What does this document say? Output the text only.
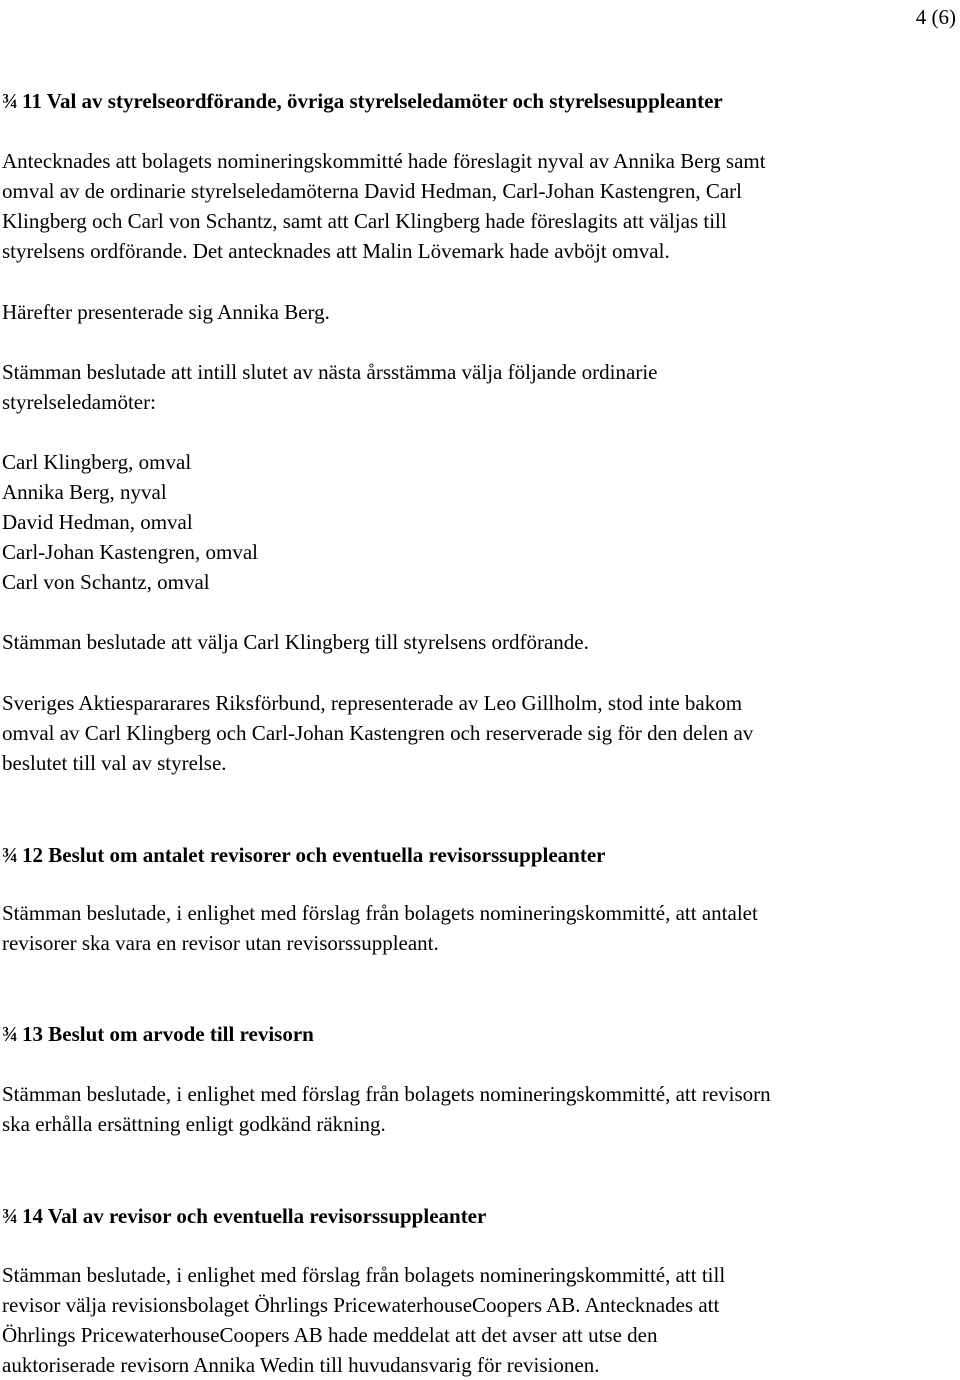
4 (6)
¾ 11 Val av styrelseordförande, övriga styrelseledamöter och styrelsesuppleanter
Antecknades att bolagets nomineringskommitté hade föreslagit nyval av Annika Berg samt
omval av de ordinarie styrelseledamöterna David Hedman, Carl-Johan Kastengren, Carl
Klingberg och Carl von Schantz, samt att Carl Klingberg hade föreslagits att väljas till
styrelsens ordförande. Det antecknades att Malin Lövemark hade avböjt omval.
Härefter presenterade sig Annika Berg.
Stämman beslutade att intill slutet av nästa årsstämma välja följande ordinarie
styrelseledamöter:
Carl Klingberg, omval
Annika Berg, nyval
David Hedman, omval
Carl-Johan Kastengren, omval
Carl von Schantz, omval
Stämman beslutade att välja Carl Klingberg till styrelsens ordförande.
Sveriges Aktiespararares Riksförbund, representerade av Leo Gillholm, stod inte bakom
omval av Carl Klingberg och Carl-Johan Kastengren och reserverade sig för den delen av
beslutet till val av styrelse.
¾ 12 Beslut om antalet revisorer och eventuella revisorssuppleanter
Stämman beslutade, i enlighet med förslag från bolagets nomineringskommitté, att antalet
revisorer ska vara en revisor utan revisorssuppleant.
¾ 13 Beslut om arvode till revisorn
Stämman beslutade, i enlighet med förslag från bolagets nomineringskommitté, att revisorn
ska erhålla ersättning enligt godkänd räkning.
¾ 14 Val av revisor och eventuella revisorssuppleanter
Stämman beslutade, i enlighet med förslag från bolagets nomineringskommitté, att till
revisor välja revisionsbolaget Öhrlings PricewaterhouseCoopers AB. Antecknades att
Öhrlings PricewaterhouseCoopers AB hade meddelat att det avser att utse den
auktoriserade revisorn Annika Wedin till huvudansvarig för revisionen.
